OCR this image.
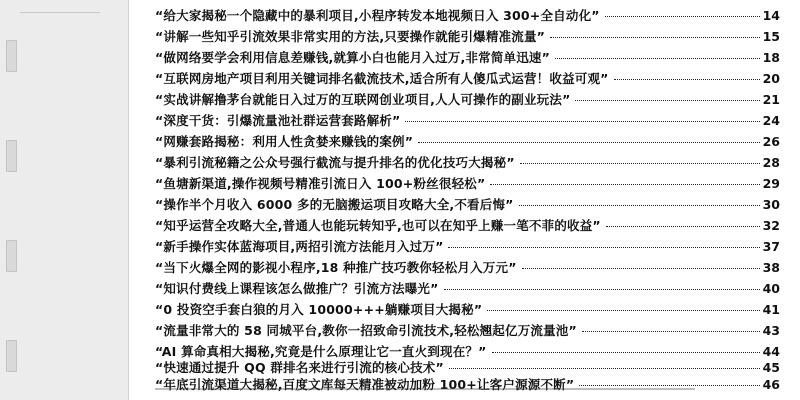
“给大家揭秘一个隐藏中的暴利项目,小程序转发本地视频日入 300+全自动化”	14
“讲解一些知乎引流效果非常实用的方法,只要操作就能引爆精准流量”	15
“做网络要学会利用信息差赚钱,就算小白也能月入过万,非常简单迅速”	18
“互联网房地产项目利用关键词排名截流技术,适合所有人傻瓜式运营！收益可观”	20
“实战讲解撸茅台就能日入过万的互联网创业项目,人人可操作的副业玩法”	21
“深度干货：引爆流量池社群运营套路解析”	24
“网赚套路揭秘：利用人性贪婪来赚钱的案例”	26
“暴利引流秘籍之公众号强行截流与提升排名的优化技巧大揭秘”	28
“鱼塘新渠道,操作视频号精准引流日入 100+粉丝很轻松”	29
“操作半个月收入 6000 多的无脑搬运项目攻略大全,不看后悔”	30
“知乎运营全攻略大全,普通人也能玩转知乎,也可以在知乎上赚一笔不菲的收益”	32
“新手操作实体蓝海项目,两招引流方法能月入过万”	37
“当下火爆全网的影视小程序,18 种推广技巧教你轻松月入万元”	38
“知识付费线上课程该怎么做推广？引流方法曝光”	40
“0 投资空手套白狼的月入 10000+++躺赚项目大揭秘”	41
“流量非常大的 58 同城平台,教你一招致命引流技术,轻松翘起亿万流量池”	43
“AI 算命真相大揭秘,究竟是什么原理让它一直火到现在？”	44
“快速通过提升 QQ 群排名来进行引流的核心技术”	45
“年底引流渠道大揭秘,百度文库每天精准被动加粉 100+让客户源源不断”	46
